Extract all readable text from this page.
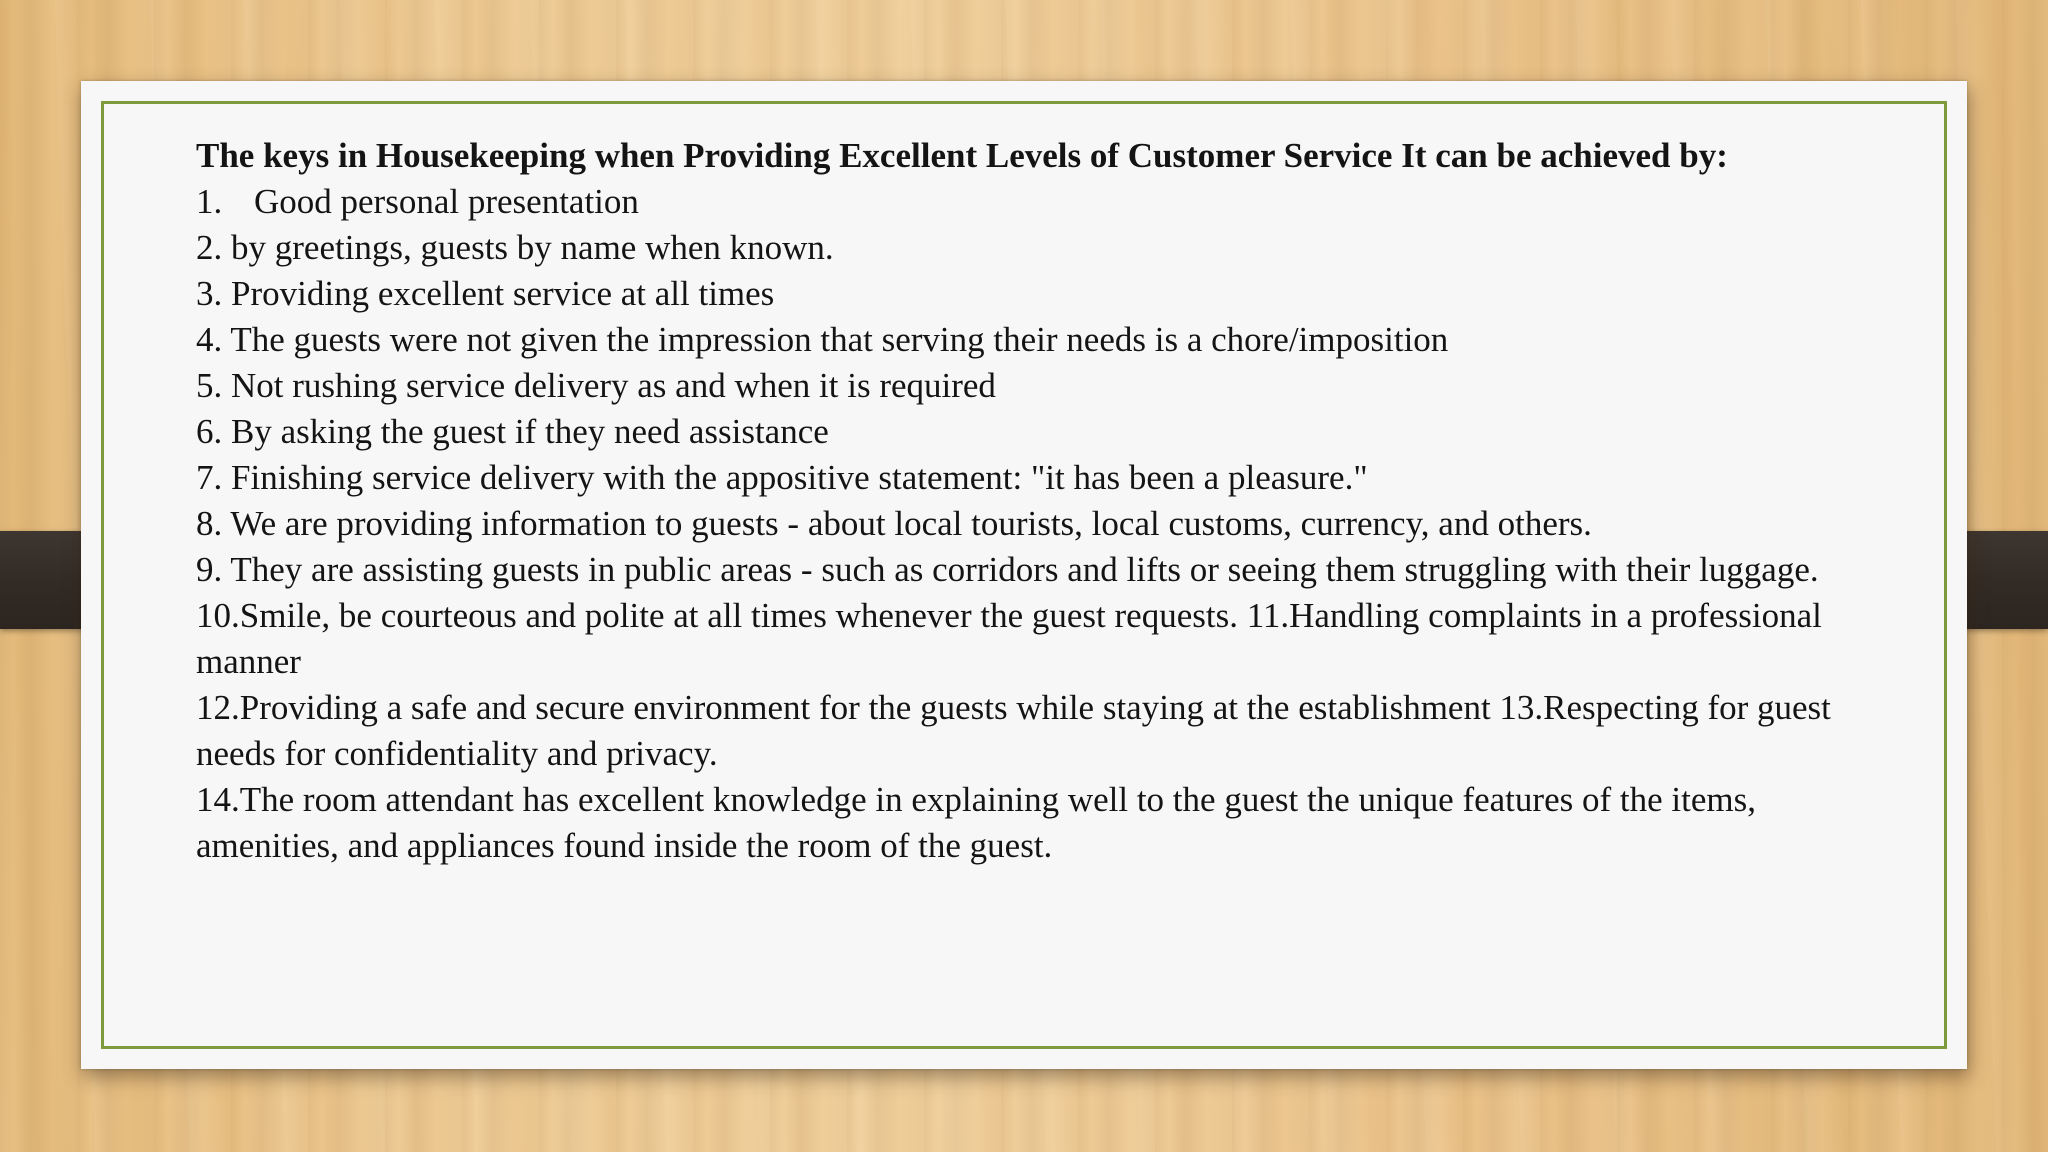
The keys in Housekeeping when Providing Excellent Levels of Customer Service It can be achieved by:

1. Good personal presentation
2. by greetings, guests by name when known.
3. Providing excellent service at all times
4. The guests were not given the impression that serving their needs is a chore/imposition
5. Not rushing service delivery as and when it is required
6. By asking the guest if they need assistance
7. Finishing service delivery with the appositive statement: "it has been a pleasure."
8. We are providing information to guests - about local tourists, local customs, currency, and others.
9. They are assisting guests in public areas - such as corridors and lifts or seeing them struggling with their luggage.
10.Smile, be courteous and polite at all times whenever the guest requests. 11.Handling complaints in a professional manner
12.Providing a safe and secure environment for the guests while staying at the establishment 13.Respecting for guest needs for confidentiality and privacy.
14.The room attendant has excellent knowledge in explaining well to the guest the unique features of the items, amenities, and appliances found inside the room of the guest.
